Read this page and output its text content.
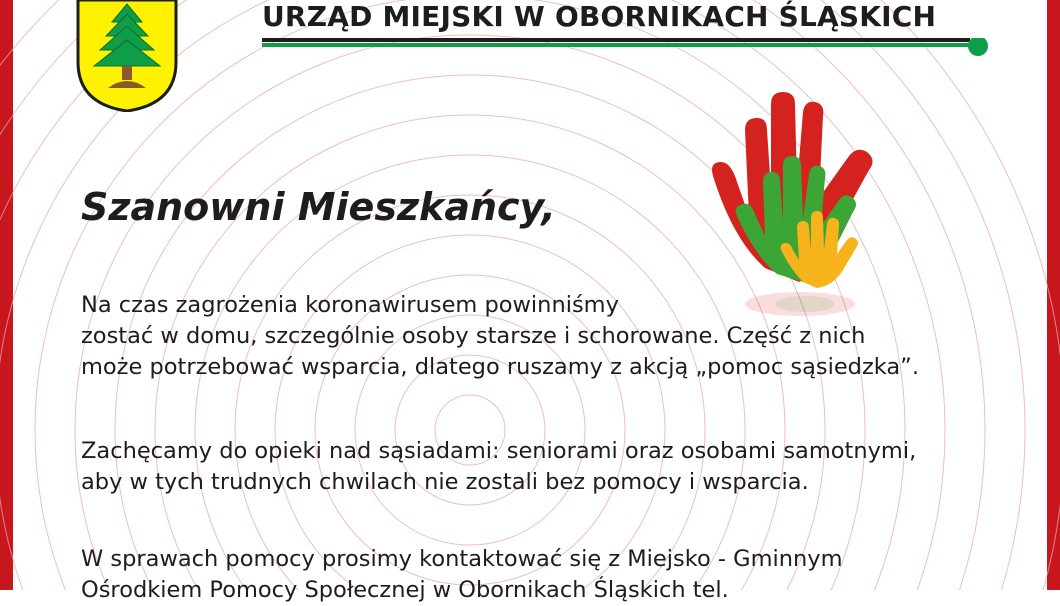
URZĄD MIEJSKI W OBORNIKACH ŚLĄSKICH
Szanowni Mieszkańcy,
Na czas zagrożenia koronawirusem powinniśmy
zostać w domu, szczególnie osoby starsze i schorowane. Część z nich
może potrzebować wsparcia, dlatego ruszamy z akcją „pomoc sąsiedzka”.
Zachęcamy do opieki nad sąsiadami: seniorami oraz osobami samotnymi,
aby w tych trudnych chwilach nie zostali bez pomocy i wsparcia.
W sprawach pomocy prosimy kontaktować się z Miejsko - Gminnym
Ośrodkiem Pomocy Społecznej w Obornikach Śląskich tel.
